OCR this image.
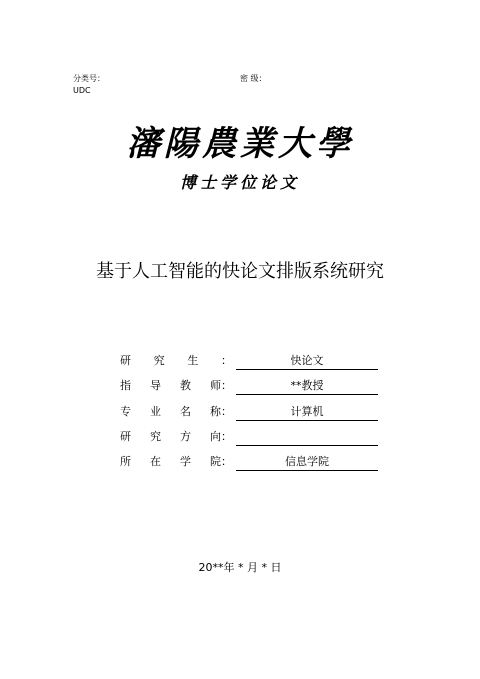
分类号：	密 级：
UDC
瀋陽農業大學
博士学位论文
基于人工智能的快论文排版系统研究
研 究 生 ：	快论文
指 导 教 师：	**教授
专 业 名 称：	计算机
研 究 方 向：
所 在 学 院：	信息学院
20**年 * 月 * 日
